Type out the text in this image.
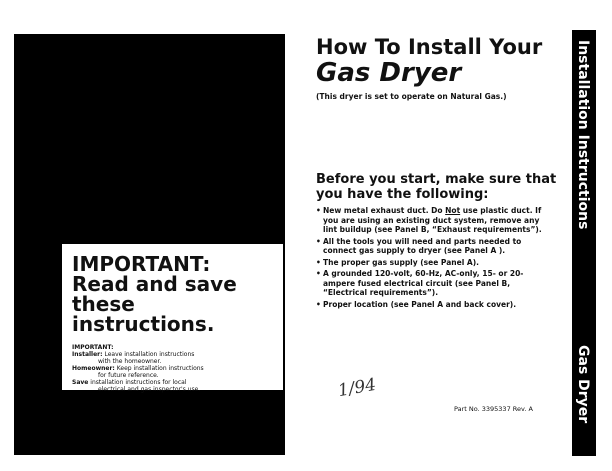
IMPORTANT:
Read and save
these instructions.
IMPORTANT:
Installer: Leave installation instructions
with the homeowner.
Homeowner: Keep installation instructions
for future reference.
Save installation instructions for local
electrical and gas inspector's use.
How To Install Your
Gas Dryer
(This dryer is set to operate on Natural Gas.)
Before you start, make sure that you have the following:
• New metal exhaust duct. Do Not use plastic duct. If you are using an existing duct system, remove any lint buildup (see Panel B, “Exhaust requirements”).
• All the tools you will need and parts needed to connect gas supply to dryer (see Panel A ).
• The proper gas supply (see Panel A).
• A grounded 120-volt, 60-Hz, AC-only, 15- or 20-ampere fused electrical circuit (see Panel B, “Electrical requirements”).
• Proper location (see Panel A and back cover).
1/94
Part No. 3395337 Rev. A
Installation Instructions
Gas Dryer
